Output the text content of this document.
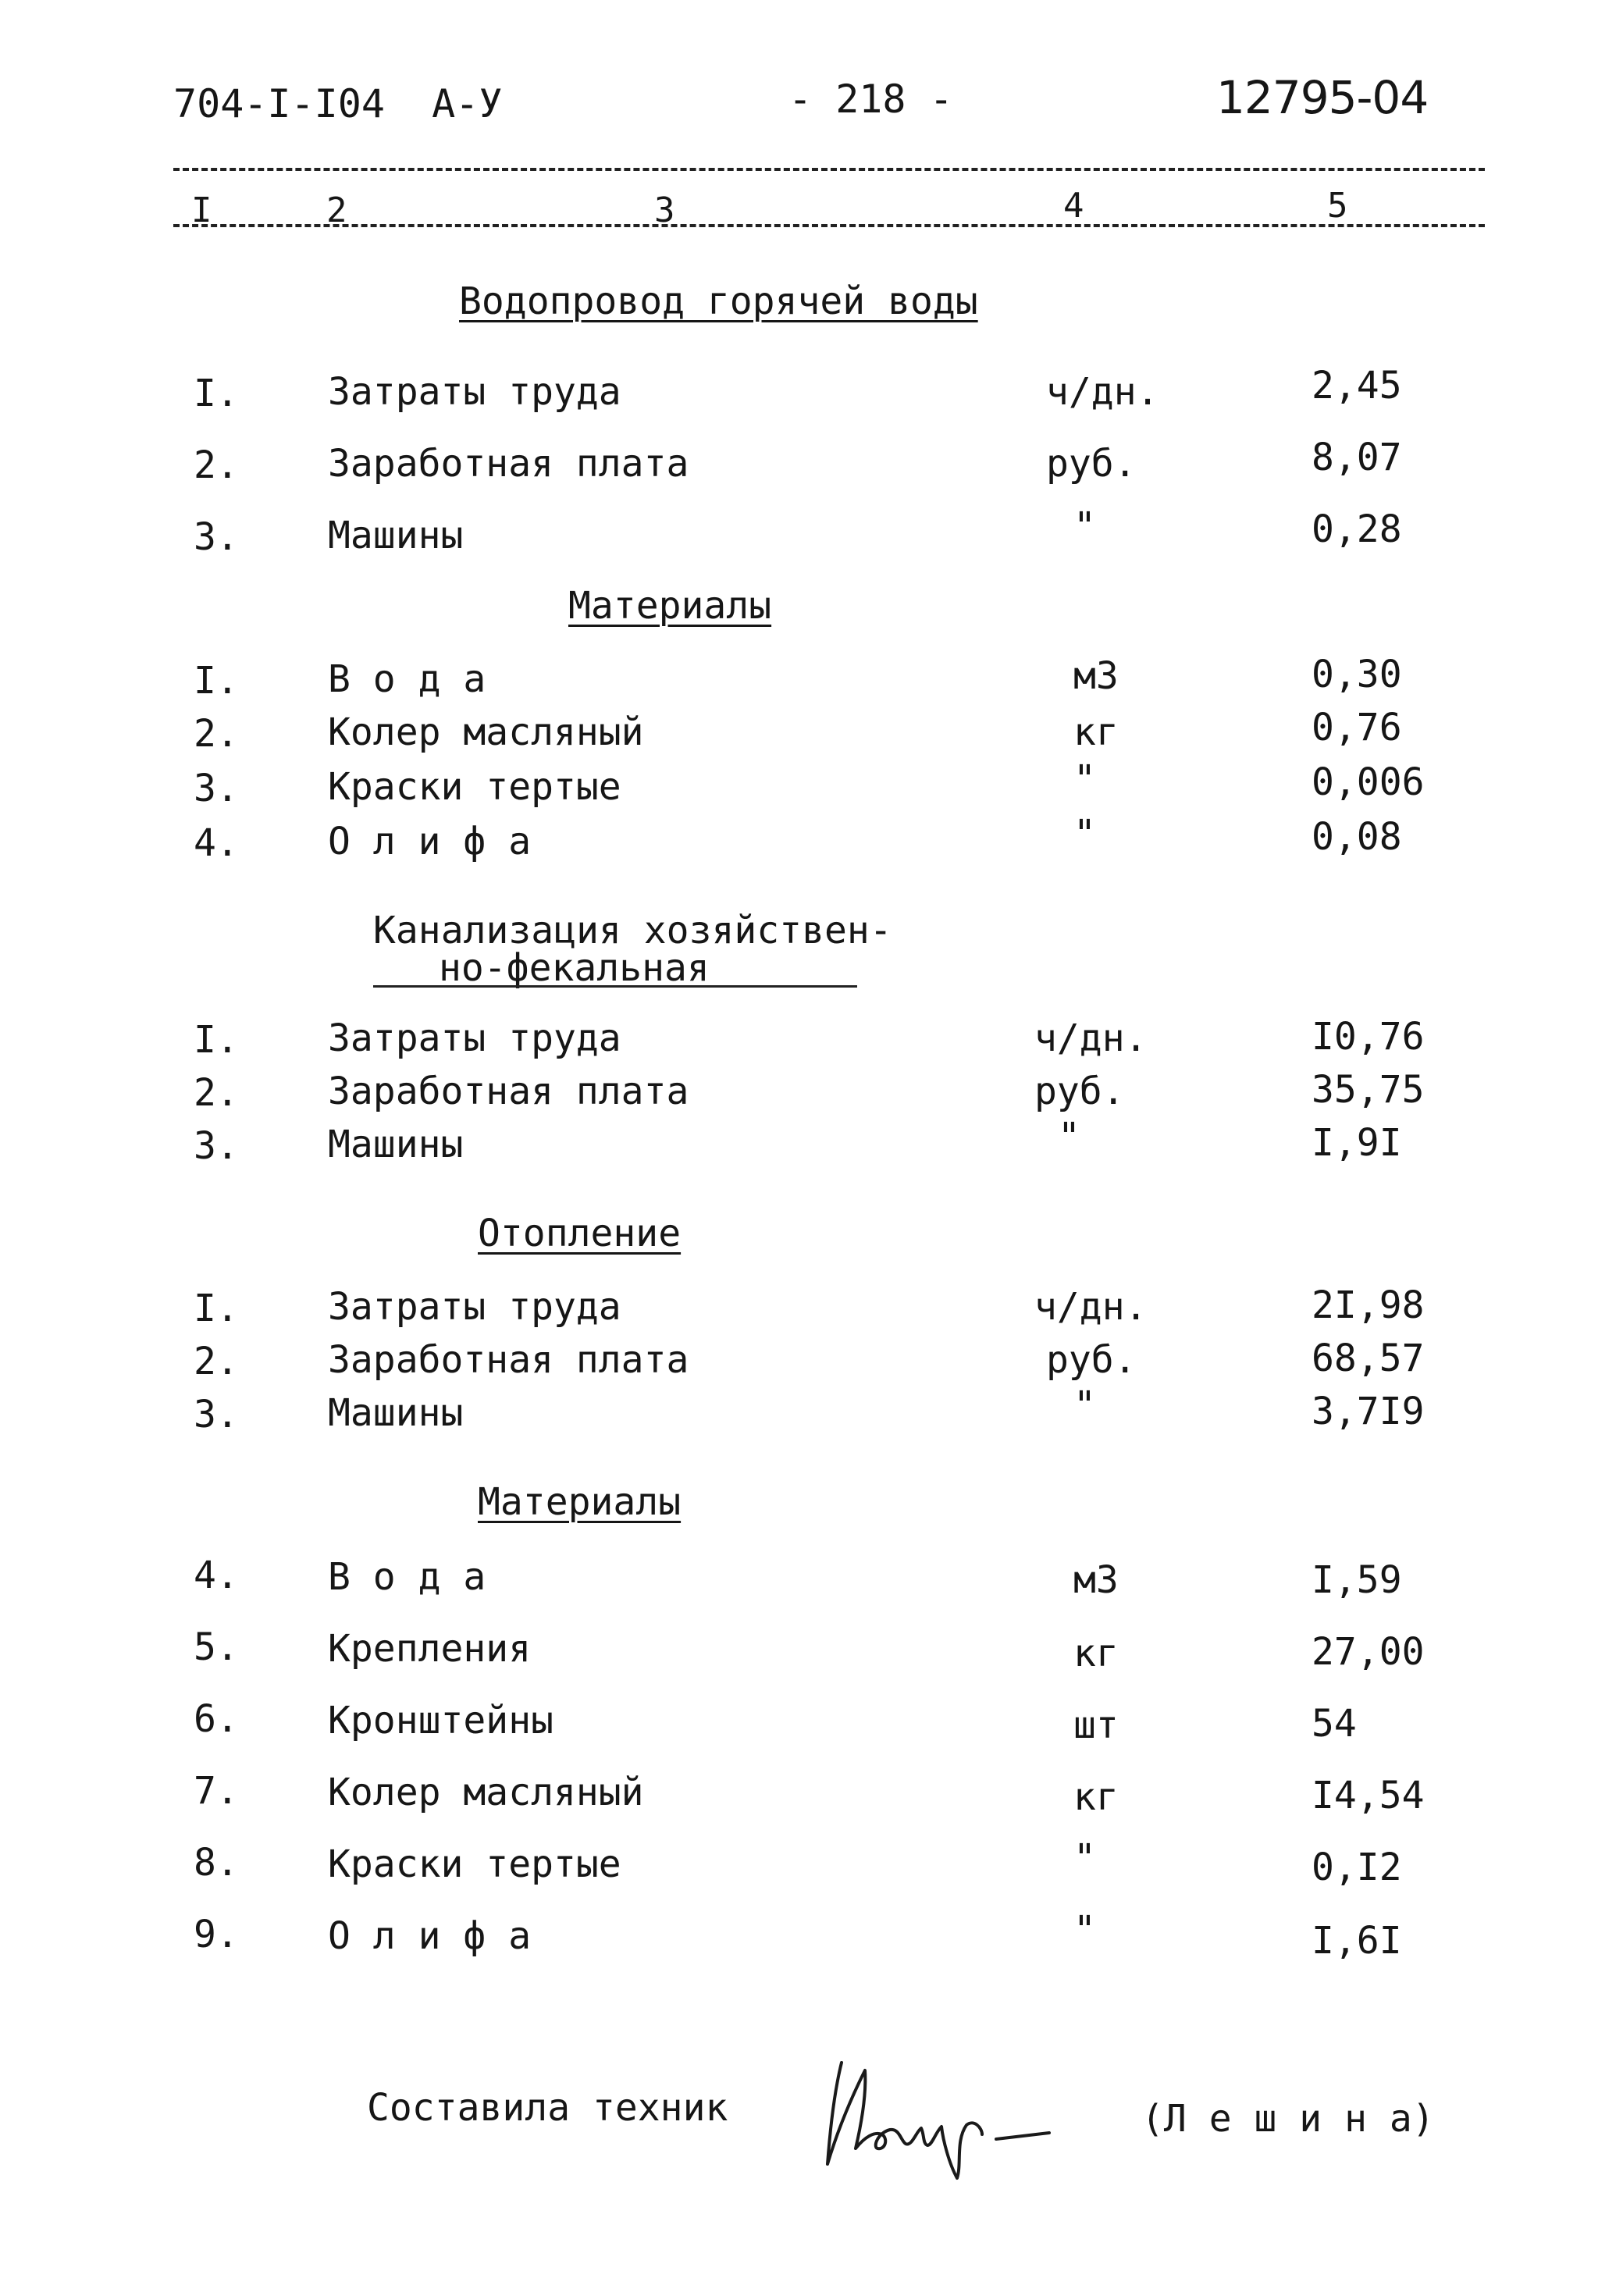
704-I-I04  А-У	- 218 -	12795-04
I	2	3	4	5
Водопровод горячей воды
I. Затраты труда	ч/дн.	2,45
2. Заработная плата	руб.	8,07
3. Машины	"	0,28
Материалы
I. В о д а	м3	0,30
2. Колер масляный	кг	0,76
3. Краски тертые	"	0,006
4. О л и ф а	"	0,08
Канализация хозяйствен-
но-фекальная
I. Затраты труда	ч/дн.	I0,76
2. Заработная плата	руб.	35,75
3. Машины	"	I,9I
Отопление
I. Затраты труда	ч/дн.	2I,98
2. Заработная плата	руб.	68,57
3. Машины	"	3,7I9
Материалы
4. В о д а	м3	I,59
5. Крепления	кг	27,00
6. Кронштейны	шт	54
7. Колер масляный	кг	I4,54
8. Краски тертые	"	0,I2
9. О л и ф а	"	I,6I
Составила техник	(Л е ш и н а)
